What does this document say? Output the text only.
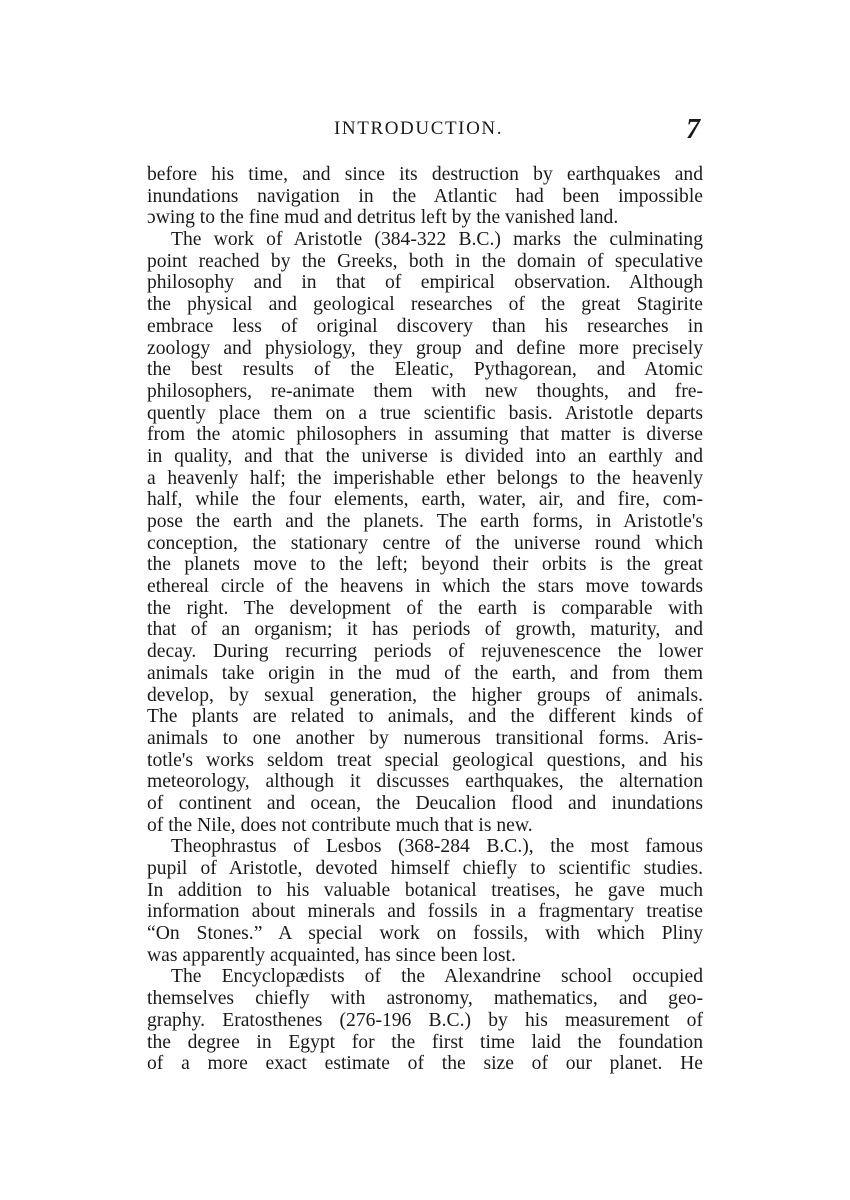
INTRODUCTION.	7
before his time, and since its destruction by earthquakes and
inundations navigation in the Atlantic had been impossible
ɔwing to the fine mud and detritus left by the vanished land.
The work of Aristotle (384-322 B.C.) marks the culminating
point reached by the Greeks, both in the domain of speculative
philosophy and in that of empirical observation. Although
the physical and geological researches of the great Stagirite
embrace less of original discovery than his researches in
zoology and physiology, they group and define more precisely
the best results of the Eleatic, Pythagorean, and Atomic
philosophers, re-animate them with new thoughts, and fre-
quently place them on a true scientific basis. Aristotle departs
from the atomic philosophers in assuming that matter is diverse
in quality, and that the universe is divided into an earthly and
a heavenly half; the imperishable ether belongs to the heavenly
half, while the four elements, earth, water, air, and fire, com-
pose the earth and the planets. The earth forms, in Aristotle's
conception, the stationary centre of the universe round which
the planets move to the left; beyond their orbits is the great
ethereal circle of the heavens in which the stars move towards
the right. The development of the earth is comparable with
that of an organism; it has periods of growth, maturity, and
decay. During recurring periods of rejuvenescence the lower
animals take origin in the mud of the earth, and from them
develop, by sexual generation, the higher groups of animals.
The plants are related to animals, and the different kinds of
animals to one another by numerous transitional forms. Aris-
totle's works seldom treat special geological questions, and his
meteorology, although it discusses earthquakes, the alternation
of continent and ocean, the Deucalion flood and inundations
of the Nile, does not contribute much that is new.
Theophrastus of Lesbos (368-284 B.C.), the most famous
pupil of Aristotle, devoted himself chiefly to scientific studies.
In addition to his valuable botanical treatises, he gave much
information about minerals and fossils in a fragmentary treatise
“On Stones.” A special work on fossils, with which Pliny
was apparently acquainted, has since been lost.
The Encyclopædists of the Alexandrine school occupied
themselves chiefly with astronomy, mathematics, and geo-
graphy. Eratosthenes (276-196 B.C.) by his measurement of
the degree in Egypt for the first time laid the foundation
of a more exact estimate of the size of our planet. He
